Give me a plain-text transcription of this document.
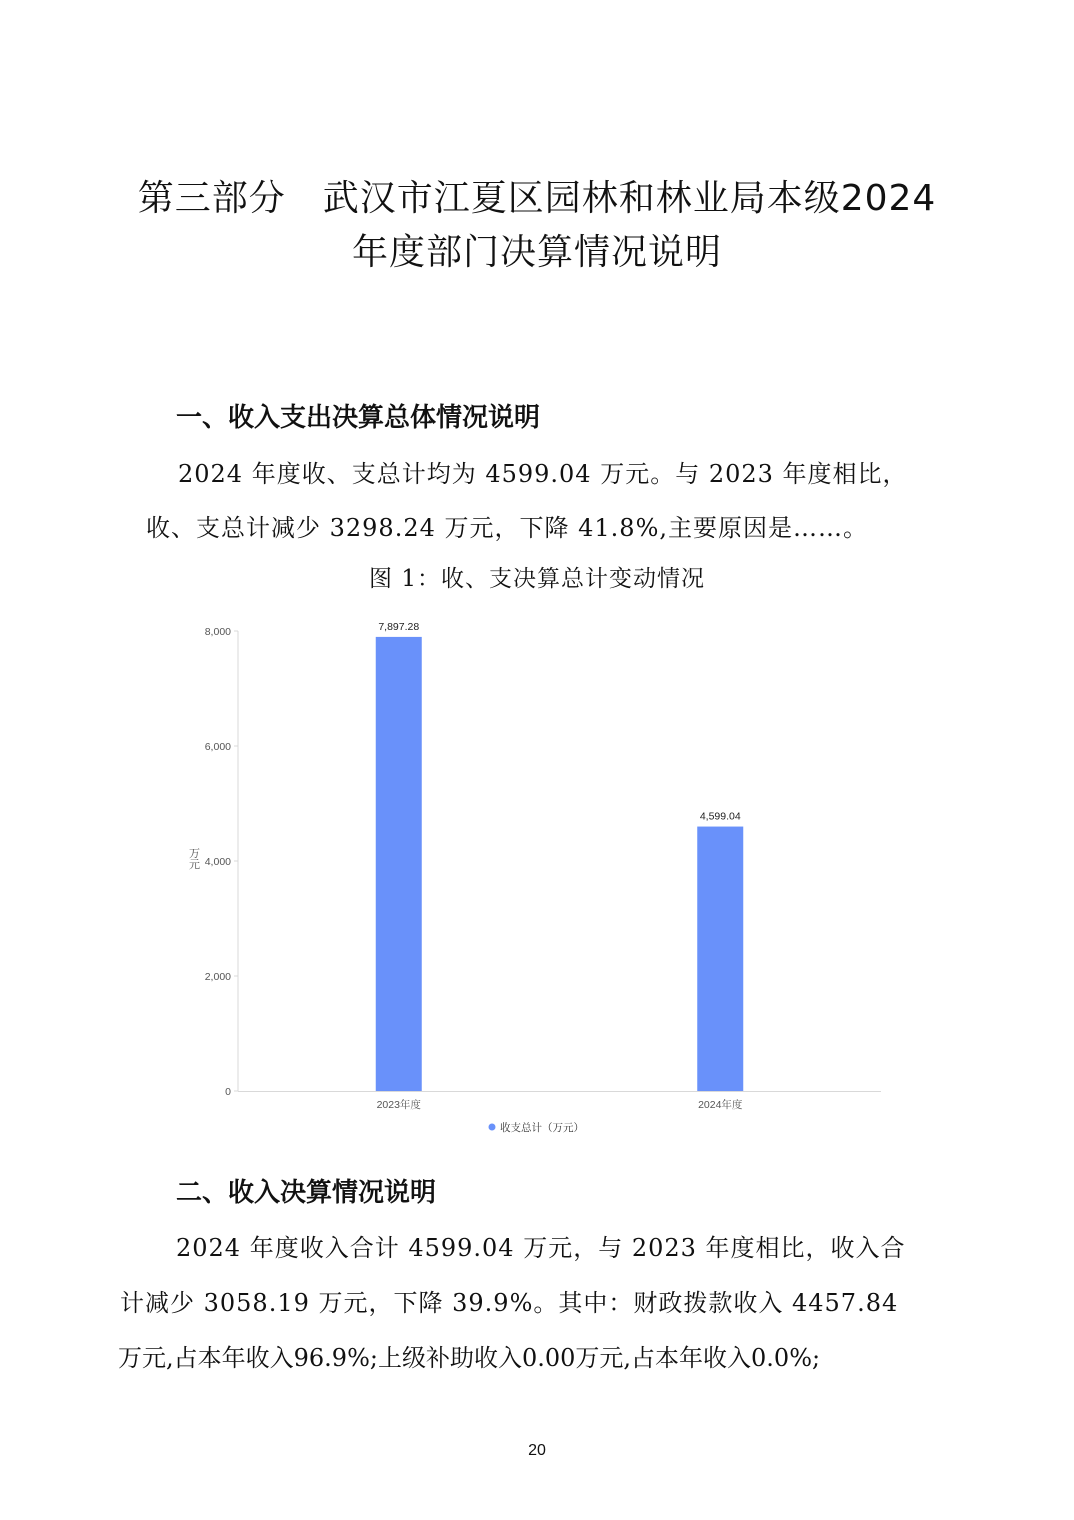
第三部分　武汉市江夏区园林和林业局本级2024
年度部门决算情况说明
一、收入支出决算总体情况说明
2024 年度收、支总计均为 4599.04 万元。与 2023 年度相比，
收、支总计减少 3298.24 万元，下降 41.8%,主要原因是……。
图 1：收、支决算总计变动情况
0
2,000
4,000
6,000
8,000
万元
7,897.28
4,599.04
2023年度	2024年度
收支总计（万元）
二、收入决算情况说明
2024 年度收入合计 4599.04 万元，与 2023 年度相比，收入合
计减少 3058.19 万元，下降 39.9%。其中：财政拨款收入 4457.84
万元,占本年收入96.9%;上级补助收入0.00万元,占本年收入0.0%;
20
